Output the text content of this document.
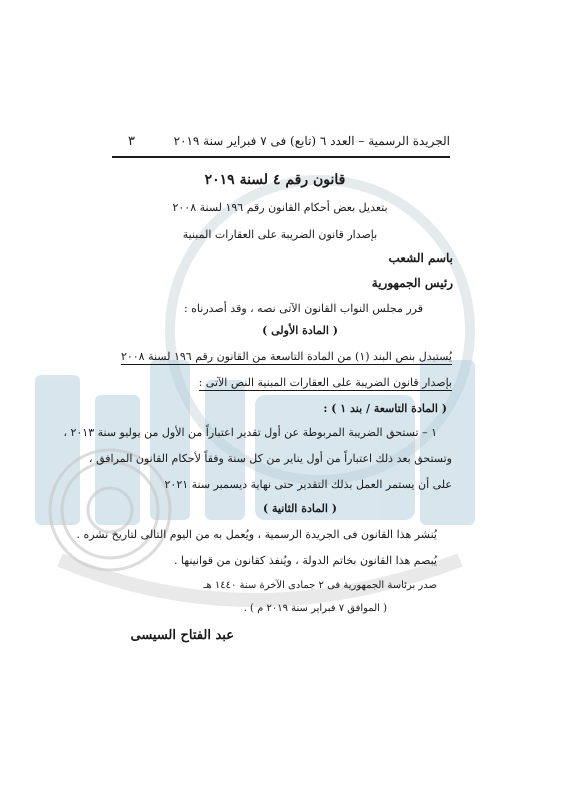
٣	الجريدة الرسمية – العدد ٦ (تابع) فى ٧ فبراير سنة ٢٠١٩
قانون رقم ٤ لسنة ٢٠١٩
بتعديل بعض أحكام القانون رقم ١٩٦ لسنة ٢٠٠٨
بإصدار قانون الضريبة على العقارات المبنية
باسم الشعب
رئيس الجمهورية
قرر مجلس النواب القانون الآتى نصه ، وقد أصدرناه :
( المادة الأولى )
يُستبدل بنص البند (١) من المادة التاسعة من القانون رقم ١٩٦ لسنة ٢٠٠٨
بإصدار قانون الضريبة على العقارات المبنية النص الآتى :
( المادة التاسعة / بند ١ ) :
١ – تستحق الضريبة المربوطة عن أول تقدير اعتباراً من الأول من يوليو سنة ٢٠١٣ ،
وتستحق بعد ذلك اعتباراً من أول يناير من كل سنة وفقاً لأحكام القانون المرافق ،
على أن يستمر العمل بذلك التقدير حتى نهاية ديسمبر سنة ٢٠٢١
( المادة الثانية )
يُنشر هذا القانون فى الجريدة الرسمية ، ويُعمل به من اليوم التالى لتاريخ نشره .
يُبصم هذا القانون بخاتم الدولة ، ويُنفذ كقانون من قوانينها .
صدر برئاسة الجمهورية فى ٢ جمادى الآخرة سنة ١٤٤٠ هـ
( الموافق ٧ فبراير سنة ٢٠١٩ م ) .
عبد الفتاح السيسى
